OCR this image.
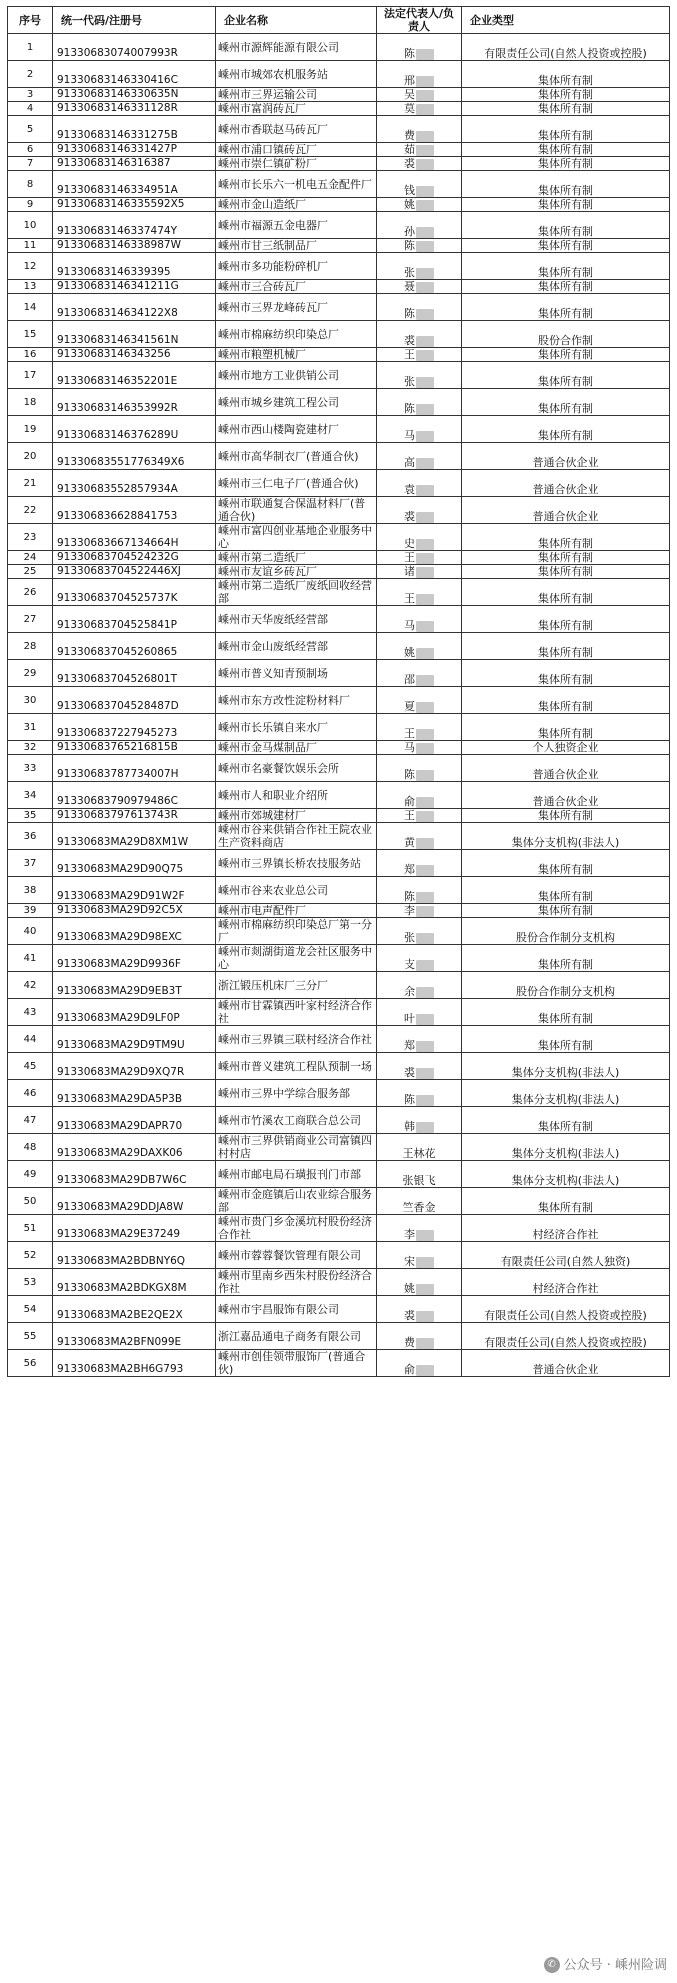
序号	统一代码/注册号	企业名称	法定代表人/负责人	企业类型
1	913306830740079​93R	嵊州市源辉能源有限公司	陈	有限责任公司(自然人投资或控股)
2	91330683146330416C	嵊州市城郊农机服务站	邢	集体所有制
3	91330683146330635N	嵊州市三界运输公司	吴	集体所有制
4	91330683146331128R	嵊州市富润砖瓦厂	莫	集体所有制
5	91330683146331275B	嵊州市香联赵马砖瓦厂	费	集体所有制
6	91330683146331427P	嵊州市浦口镇砖瓦厂	茹	集体所有制
7	91330683146316387	嵊州市崇仁镇矿粉厂	裘	集体所有制
8	91330683146334951A	嵊州市长乐六一机电五金配件厂	钱	集体所有制
9	91330683146335592X5	嵊州市金山造纸厂	姚	集体所有制
10	91330683146337474Y	嵊州市福源五金电器厂	孙	集体所有制
11	91330683146338987W	嵊州市甘三纸制品厂	陈	集体所有制
12	91330683146339395	嵊州市多功能粉碎机厂	张	集体所有制
13	91330683146341211G	嵊州市三合砖瓦厂	聂	集体所有制
14	9133068314634122X8	嵊州市三界龙峰砖瓦厂	陈	集体所有制
15	91330683146341561N	嵊州市棉麻纺织印染总厂	裘	股份合作制
16	91330683146343256	嵊州市粮塑机械厂	王	集体所有制
17	91330683146352201E	嵊州市地方工业供销公司	张	集体所有制
18	91330683146353992R	嵊州市城乡建筑工程公司	陈	集体所有制
19	91330683146376289U	嵊州市西山楼陶瓷建材厂	马	集体所有制
20	91330683551776349X6	嵊州市高华制衣厂(普通合伙)	高	普通合伙企业
21	91330683552857934A	嵊州市三仁电子厂(普通合伙)	袁	普通合伙企业
22	91330683662884175​3	嵊州市联通复合保温材料厂(普通合伙)	裘	普通合伙企业
23	91330683667134664H	嵊州市富四创业基地企业服务中心	史	集体所有制
24	91330683704524232G	嵊州市第二造纸厂	王	集体所有制
25	91330683704522446XJ	嵊州市友谊乡砖瓦厂	诸	集体所有制
26	91330683704525737K	嵊州市第二造纸厂废纸回收经营部	王	集体所有制
27	91330683704525841P	嵊州市天华废纸经营部	马	集体所有制
28	91330683704526086​5	嵊州市金山废纸经营部	姚	集体所有制
29	91330683704526801T	嵊州市普义知青预制场	邵	集体所有制
30	91330683704528487D	嵊州市东方改性淀粉材料厂	夏	集体所有制
31	91330683722794527​3	嵊州市长乐镇自来水厂	王	集体所有制
32	91330683765216815B	嵊州市金马煤制品厂	马	个人独资企业
33	91330683787734007H	嵊州市名豪餐饮娱乐会所	陈	普通合伙企业
34	91330683790979486C	嵊州市人和职业介绍所	俞	普通合伙企业
35	91330683797613743R	嵊州市郊城建材厂	王	集体所有制
36	91330683MA29D8XM1W	嵊州市谷来供销合作社王院农业生产资料商店	黄	集体分支机构(非法人)
37	91330683MA29D90Q75	嵊州市三界镇长桥农技服务站	郑	集体所有制
38	91330683MA29D91W2F	嵊州市谷来农业总公司	陈	集体所有制
39	91330683MA29D92C5X	嵊州市电声配件厂	李	集体所有制
40	91330683MA29D98EXC	嵊州市棉麻纺织印染总厂第一分厂	张	股份合作制分支机构
41	91330683MA29D9936F	嵊州市剡湖街道龙会社区服务中心	支	集体所有制
42	91330683MA29D9EB3T	浙江锻压机床厂三分厂	余	股份合作制分支机构
43	91330683MA29D9LF0P	嵊州市甘霖镇西叶家村经济合作社	叶	集体所有制
44	91330683MA29D9TM9U	嵊州市三界镇三联村经济合作社	郑	集体所有制
45	91330683MA29D9XQ7R	嵊州市普义建筑工程队预制一场	裘	集体分支机构(非法人)
46	91330683MA29DA5P3B	嵊州市三界中学综合服务部	陈	集体分支机构(非法人)
47	91330683MA29DAPR70	嵊州市竹溪农工商联合总公司	韩	集体所有制
48	91330683MA29DAXK06	嵊州市三界供销商业公司富镇四村村店	王林花	集体分支机构(非法人)
49	91330683MA29DB7W6C	嵊州市邮电局石璜报刊门市部	张银飞	集体分支机构(非法人)
50	91330683MA29DDJA8W	嵊州市金庭镇后山农业综合服务部	竺香金	集体所有制
51	91330683MA29E37249	嵊州市贵门乡金溪坑村股份经济合作社	李	村经济合作社
52	91330683MA2BDBNY6Q	嵊州市蓉蓉餐饮管理有限公司	宋	有限责任公司(自然人独资)
53	91330683MA2BDKGX8M	嵊州市里南乡西朱村股份经济合作社	姚	村经济合作社
54	91330683MA2BE2QE2X	嵊州市宇昌服饰有限公司	裘	有限责任公司(自然人投资或控股)
55	91330683MA2BFN099E	浙江嘉品通电子商务有限公司	费	有限责任公司(自然人投资或控股)
56	91330683MA2BH6G793	嵊州市创佳领带服饰厂(普通合伙)	俞	普通合伙企业
✆ 公众号 · 嵊州险调
